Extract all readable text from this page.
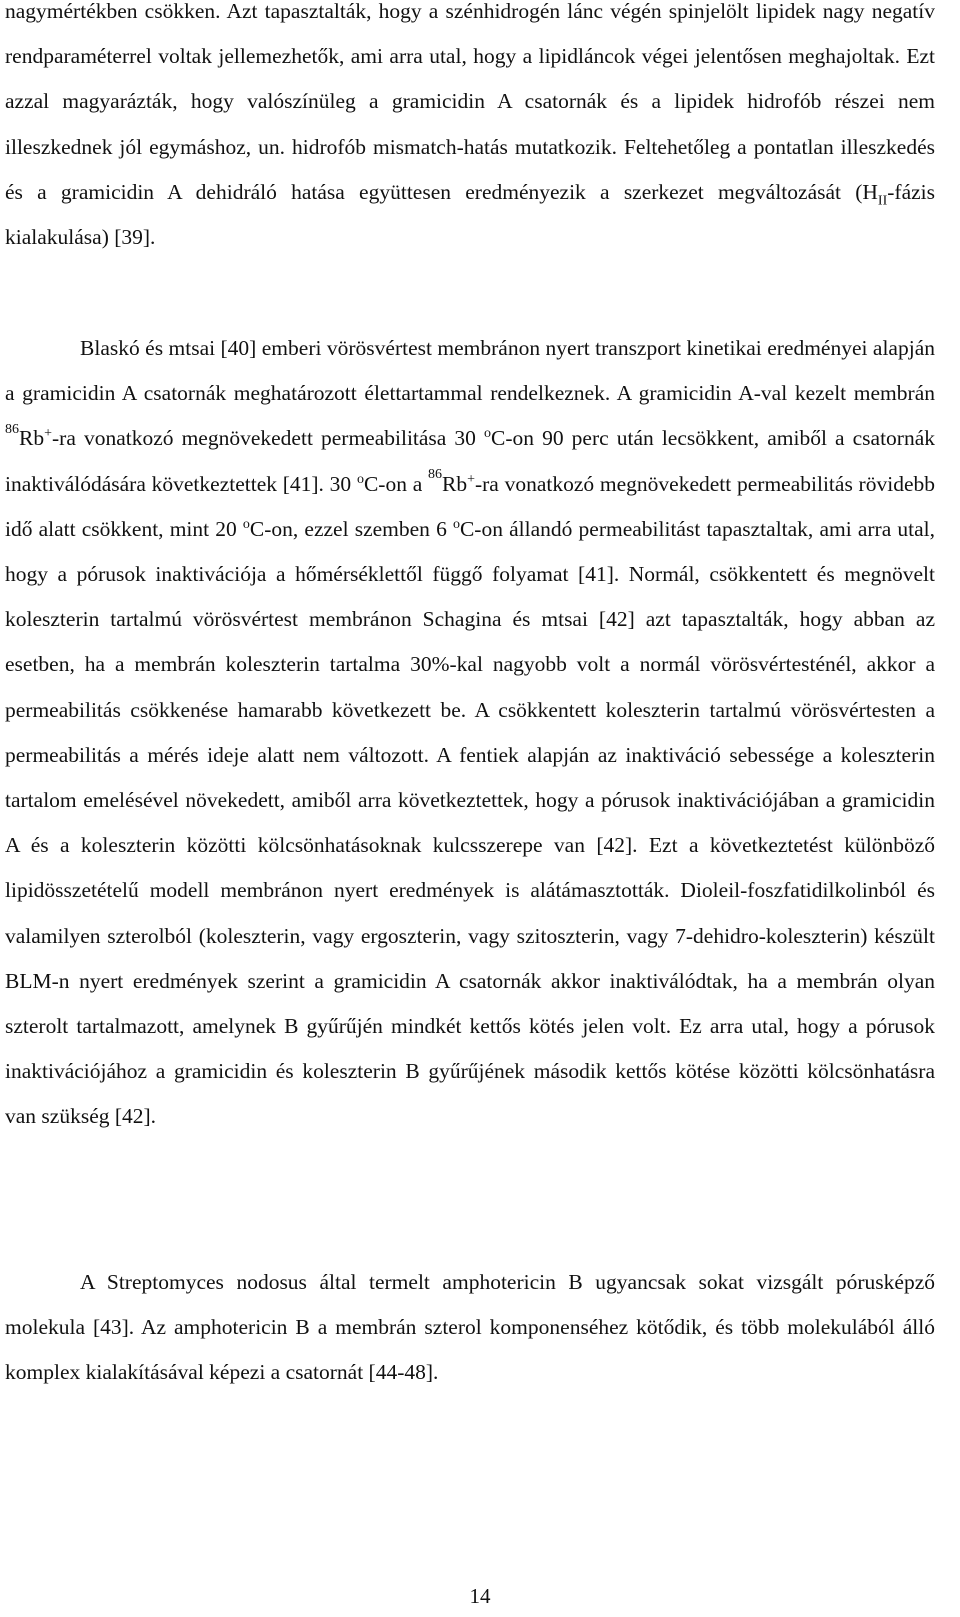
nagymértékben csökken. Azt tapasztalták, hogy a szénhidrogén lánc végén spinjelölt lipidek nagy negatív rendparaméterrel voltak jellemezhetők, ami arra utal, hogy a lipidláncok végei jelentősen meghajoltak. Ezt azzal magyarázták, hogy valószínüleg a gramicidin A csatornák és a lipidek hidrofób részei nem illeszkednek jól egymáshoz, un. hidrofób mismatch-hatás mutatkozik. Feltehetőleg a pontatlan illeszkedés és a gramicidin A dehidráló hatása együttesen eredményezik a szerkezet megváltozását ($H_{II}$-fázis kialakulása) [39].

Blaskó és mtsai [40] emberi vörösvértest membránon nyert transzport kinetikai eredményei alapján a gramicidin A csatornák meghatározott élettartammal rendelkeznek. A gramicidin A-val kezelt membrán $^{86}$Rb+-ra vonatkozó megnövekedett permeabilitása 30 $^o$C-on 90 perc után lecsökkent, amiből a csatornák inaktiválódására következtettek [41]. 30 $^o$C-on a $^{86}$Rb+-ra vonatkozó megnövekedett permeabilitás rövidebb idő alatt csökkent, mint 20 $^o$C-on, ezzel szemben 6 $^o$C-on állandó permeabilitást tapasztaltak, ami arra utal, hogy a pórusok inaktivációja a hőmérséklettől függő folyamat [41]. Normál, csökkentett és megnövelt koleszterin tartalmú vörösvértest membránon Schagina és mtsai [42] azt tapasztalták, hogy abban az esetben, ha a membrán koleszterin tartalma 30%-kal nagyobb volt a normál vörösvértesténél, akkor a permeabilitás csökkenése hamarabb következett be. A csökkentett koleszterin tartalmú vörösvértesten a permeabilitás a mérés ideje alatt nem változott. A fentiek alapján az inaktiváció sebessége a koleszterin tartalom emelésével növekedett, amiből arra következtettek, hogy a pórusok inaktivációjában a gramicidin A és a koleszterin közötti kölcsönhatásoknak kulcsszerepe van [42]. Ezt a következtetést különböző lipidösszetételű modell membránon nyert eredmények is alátámasztották. Dioleil-foszfatidilkolinból és valamilyen szterolból (koleszterin, vagy ergoszterin, vagy szitoszterin, vagy 7-dehidro-koleszterin) készült BLM-n nyert eredmények szerint a gramicidin A csatornák akkor inaktiválódtak, ha a membrán olyan szterolt tartalmazott, amelynek B gyűrűjén mindkét kettős kötés jelen volt. Ez arra utal, hogy a pórusok inaktivációjához a gramicidin és koleszterin B gyűrűjének második kettős kötése közötti kölcsönhatásra van szükség [42].

A Streptomyces nodosus által termelt amphotericin B ugyancsak sokat vizsgált pórusképző molekula [43]. Az amphotericin B a membrán szterol komponenséhez kötődik, és több molekulából álló komplex kialakításával képezi a csatornát [44-48].

14
